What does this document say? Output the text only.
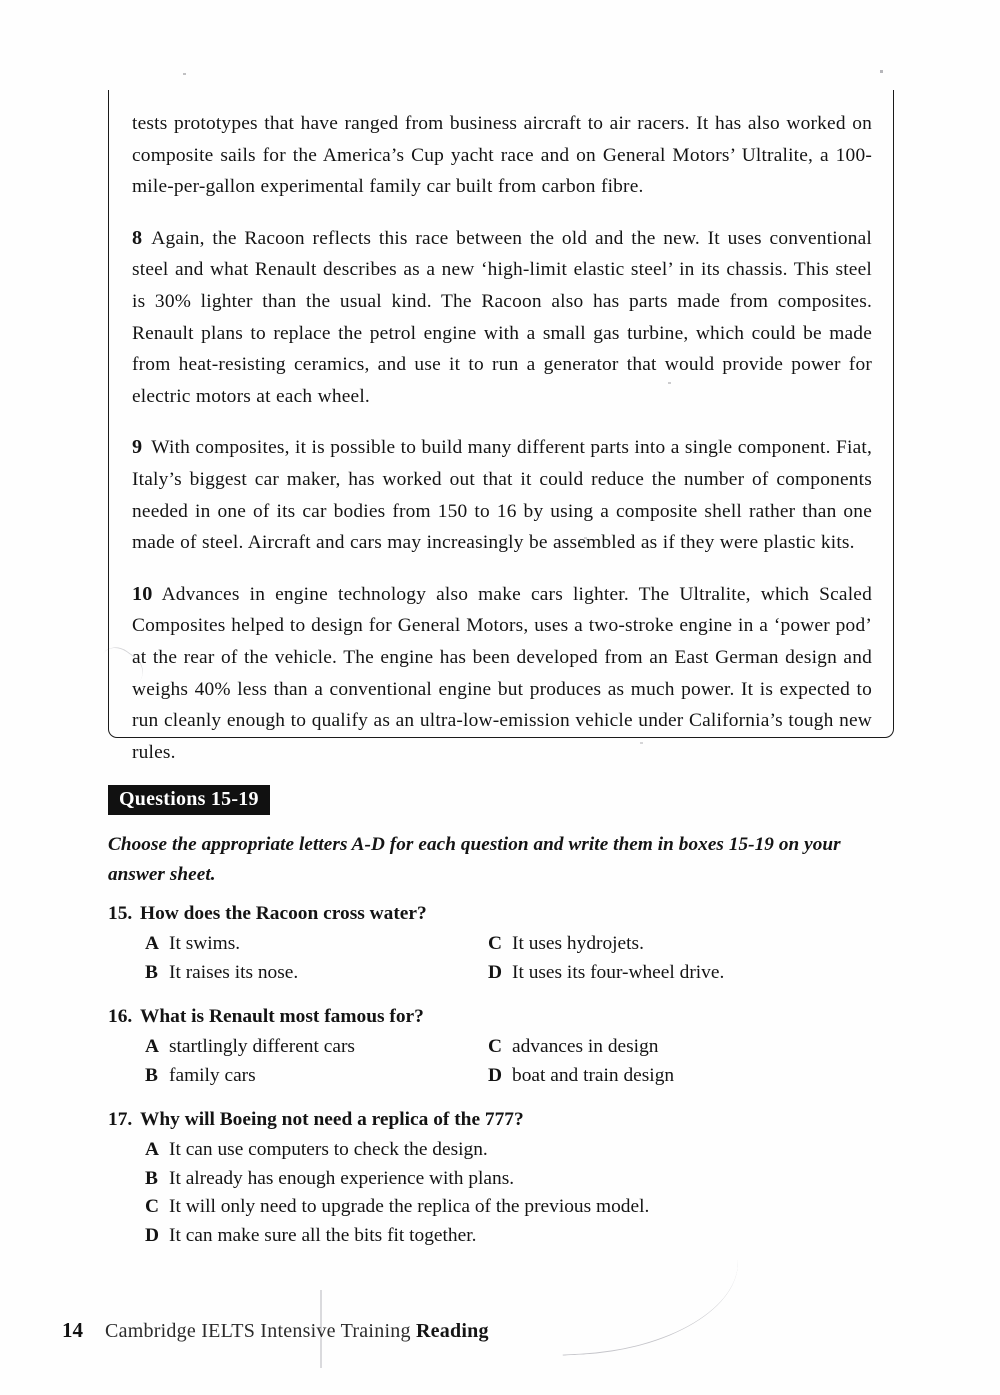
tests prototypes that have ranged from business aircraft to air racers. It has also worked on composite sails for the America’s Cup yacht race and on General Motors’ Ultralite, a 100-mile-per-gallon experimental family car built from carbon fibre.

8 Again, the Racoon reflects this race between the old and the new. It uses conventional steel and what Renault describes as a new ‘high-limit elastic steel’ in its chassis. This steel is 30% lighter than the usual kind. The Racoon also has parts made from composites. Renault plans to replace the petrol engine with a small gas turbine, which could be made from heat-resisting ceramics, and use it to run a generator that would provide power for electric motors at each wheel.

9 With composites, it is possible to build many different parts into a single component. Fiat, Italy’s biggest car maker, has worked out that it could reduce the number of components needed in one of its car bodies from 150 to 16 by using a composite shell rather than one made of steel. Aircraft and cars may increasingly be assembled as if they were plastic kits.

10 Advances in engine technology also make cars lighter. The Ultralite, which Scaled Composites helped to design for General Motors, uses a two-stroke engine in a ‘power pod’ at the rear of the vehicle. The engine has been developed from an East German design and weighs 40% less than a conventional engine but produces as much power. It is expected to run cleanly enough to qualify as an ultra-low-emission vehicle under California’s tough new rules.

Questions 15-19
Choose the appropriate letters A-D for each question and write them in boxes 15-19 on your answer sheet.
15. How does the Racoon cross water?
A It swims.
B It raises its nose.
C It uses hydrojets.
D It uses its four-wheel drive.
16. What is Renault most famous for?
A startlingly different cars
B family cars
C advances in design
D boat and train design
17. Why will Boeing not need a replica of the 777?
A It can use computers to check the design.
B It already has enough experience with plans.
C It will only need to upgrade the replica of the previous model.
D It can make sure all the bits fit together.
14 Cambridge IELTS Intensive Training Reading
